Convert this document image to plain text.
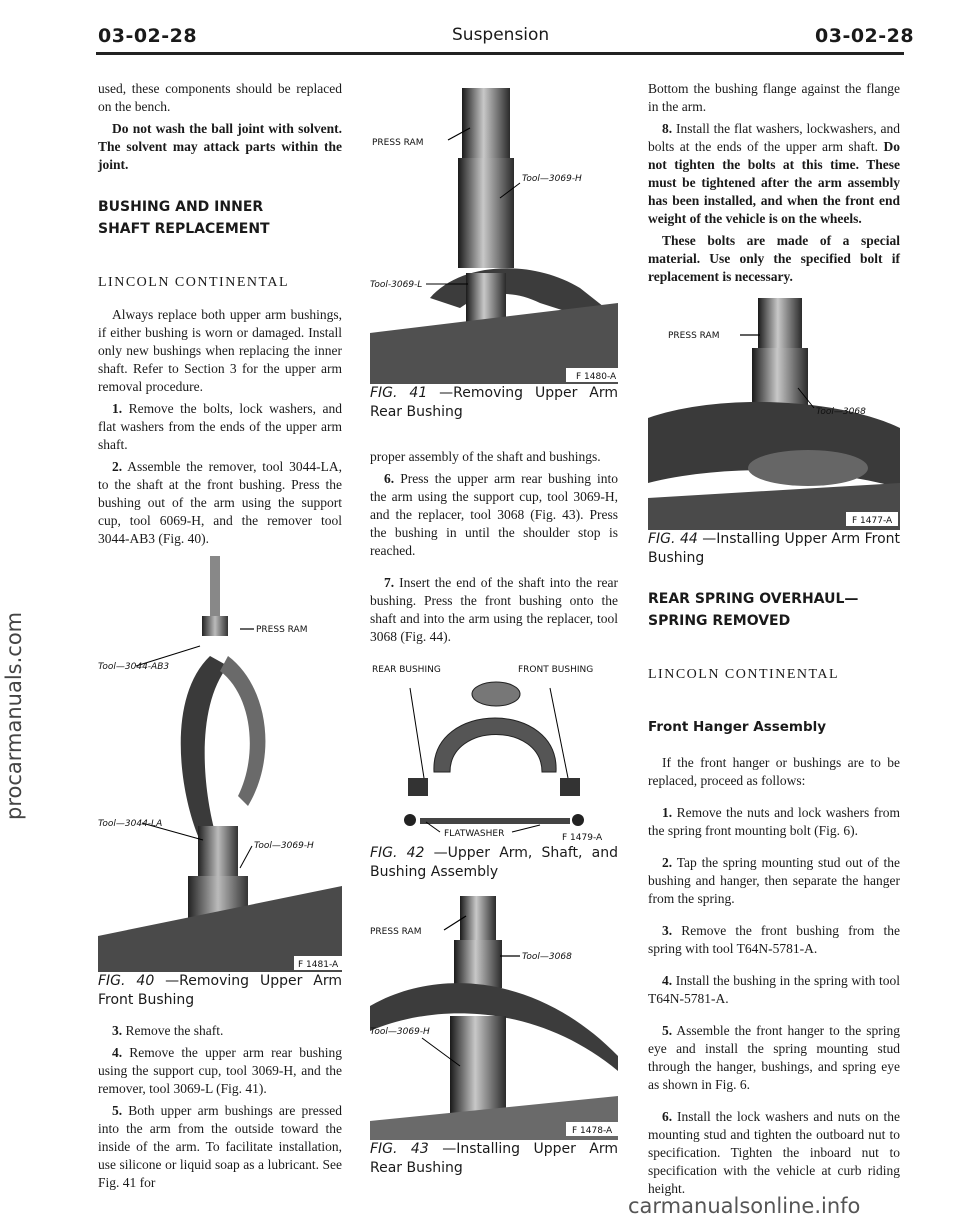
03-02-28	Suspension	03-02-28

used, these components should be replaced on the bench.

Do not wash the ball joint with solvent. The solvent may attack parts within the joint.

BUSHING AND INNER SHAFT REPLACEMENT

LINCOLN CONTINENTAL

Always replace both upper arm bushings, if either bushing is worn or damaged. Install only new bushings when replacing the inner shaft. Refer to Section 3 for the upper arm removal procedure.

1. Remove the bolts, lock washers, and flat washers from the ends of the upper arm shaft.

2. Assemble the remover, tool 3044-LA, to the shaft at the front bushing. Press the bushing out of the arm using the support cup, tool 6069-H, and the remover tool 3044-AB3 (Fig. 40).

PRESS RAM
Tool—3044-AB3
Tool—3044-LA
Tool—3069-H
F 1481-A

FIG. 40 —Removing Upper Arm Front Bushing

3. Remove the shaft.

4. Remove the upper arm rear bushing using the support cup, tool 3069-H, and the remover, tool 3069-L (Fig. 41).

5. Both upper arm bushings are pressed into the arm from the outside toward the inside of the arm. To facilitate installation, use silicone or liquid soap as a lubricant. See Fig. 41 for

PRESS RAM
Tool—3069-H
Tool-3069-L
F 1480-A

FIG. 41 —Removing Upper Arm Rear Bushing

proper assembly of the shaft and bushings.

6. Press the upper arm rear bushing into the arm using the support cup, tool 3069-H, and the replacer, tool 3068 (Fig. 43). Press the bushing in until the shoulder stop is reached.

7. Insert the end of the shaft into the rear bushing. Press the front bushing onto the shaft and into the arm using the replacer, tool 3068 (Fig. 44).

REAR BUSHING	FRONT BUSHING
FLATWASHER	F 1479-A

FIG. 42 —Upper Arm, Shaft, and Bushing Assembly

PRESS RAM
Tool—3068
Tool—3069-H
F 1478-A

FIG. 43 —Installing Upper Arm Rear Bushing

Bottom the bushing flange against the flange in the arm.

8. Install the flat washers, lockwashers, and bolts at the ends of the upper arm shaft. Do not tighten the bolts at this time. These must be tightened after the arm assembly has been installed, and when the front end weight of the vehicle is on the wheels.

These bolts are made of a special material. Use only the specified bolt if replacement is necessary.

PRESS RAM
Tool—3068
F 1477-A

FIG. 44 —Installing Upper Arm Front Bushing

REAR SPRING OVERHAUL— SPRING REMOVED

LINCOLN CONTINENTAL

Front Hanger Assembly

If the front hanger or bushings are to be replaced, proceed as follows:

1. Remove the nuts and lock washers from the spring front mounting bolt (Fig. 6).

2. Tap the spring mounting stud out of the bushing and hanger, then separate the hanger from the spring.

3. Remove the front bushing from the spring with tool T64N-5781-A.

4. Install the bushing in the spring with tool T64N-5781-A.

5. Assemble the front hanger to the spring eye and install the spring mounting stud through the hanger, bushings, and spring eye as shown in Fig. 6.

6. Install the lock washers and nuts on the mounting stud and tighten the outboard nut to specification. Tighten the inboard nut to specification with the vehicle at curb riding height.

procarmanuals.com
carmanualsonline.info
